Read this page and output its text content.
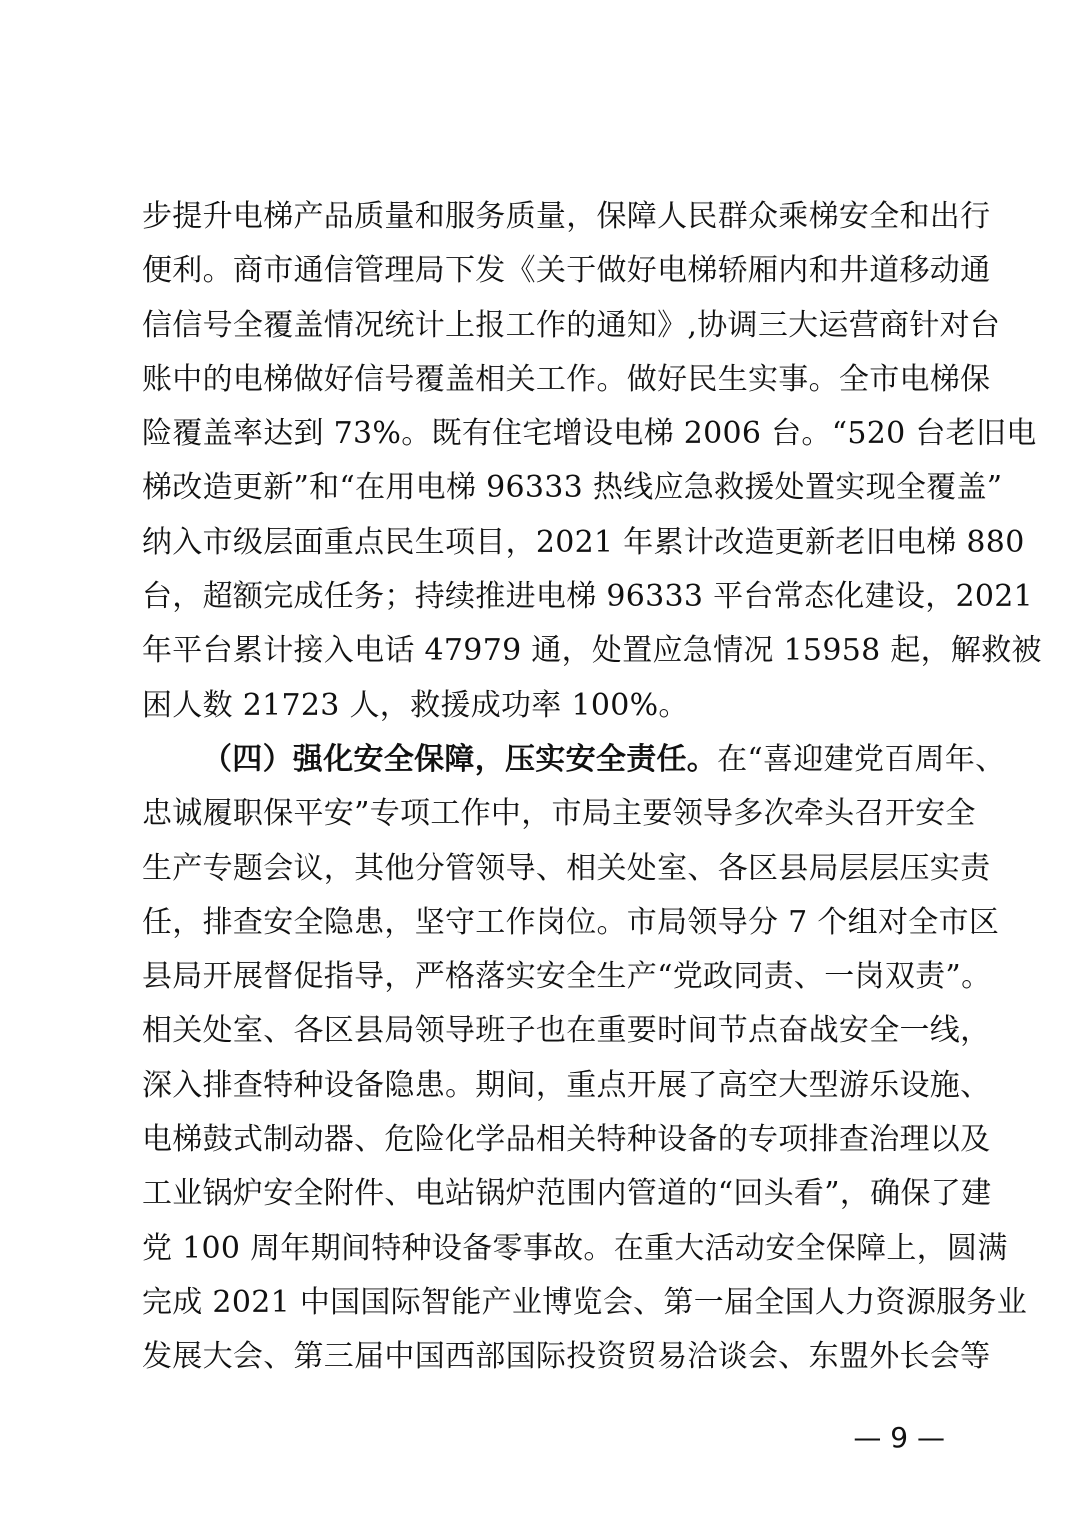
步提升电梯产品质量和服务质量，保障人民群众乘梯安全和出行
便利。商市通信管理局下发《关于做好电梯轿厢内和井道移动通
信信号全覆盖情况统计上报工作的通知》,协调三大运营商针对台
账中的电梯做好信号覆盖相关工作。做好民生实事。全市电梯保
险覆盖率达到 73%。既有住宅增设电梯 2006 台。“520 台老旧电
梯改造更新”和“在用电梯 96333 热线应急救援处置实现全覆盖”
纳入市级层面重点民生项目，2021 年累计改造更新老旧电梯 880
台，超额完成任务；持续推进电梯 96333 平台常态化建设，2021
年平台累计接入电话 47979 通，处置应急情况 15958 起，解救被
困人数 21723 人，救援成功率 100%。
（四）强化安全保障，压实安全责任。在“喜迎建党百周年、
忠诚履职保平安”专项工作中，市局主要领导多次牵头召开安全
生产专题会议，其他分管领导、相关处室、各区县局层层压实责
任，排查安全隐患，坚守工作岗位。市局领导分 7 个组对全市区
县局开展督促指导，严格落实安全生产“党政同责、一岗双责”。
相关处室、各区县局领导班子也在重要时间节点奋战安全一线，
深入排查特种设备隐患。期间，重点开展了高空大型游乐设施、
电梯鼓式制动器、危险化学品相关特种设备的专项排查治理以及
工业锅炉安全附件、电站锅炉范围内管道的“回头看”，确保了建
党 100 周年期间特种设备零事故。在重大活动安全保障上，圆满
完成 2021 中国国际智能产业博览会、第一届全国人力资源服务业
发展大会、第三届中国西部国际投资贸易洽谈会、东盟外长会等
— 9 —
